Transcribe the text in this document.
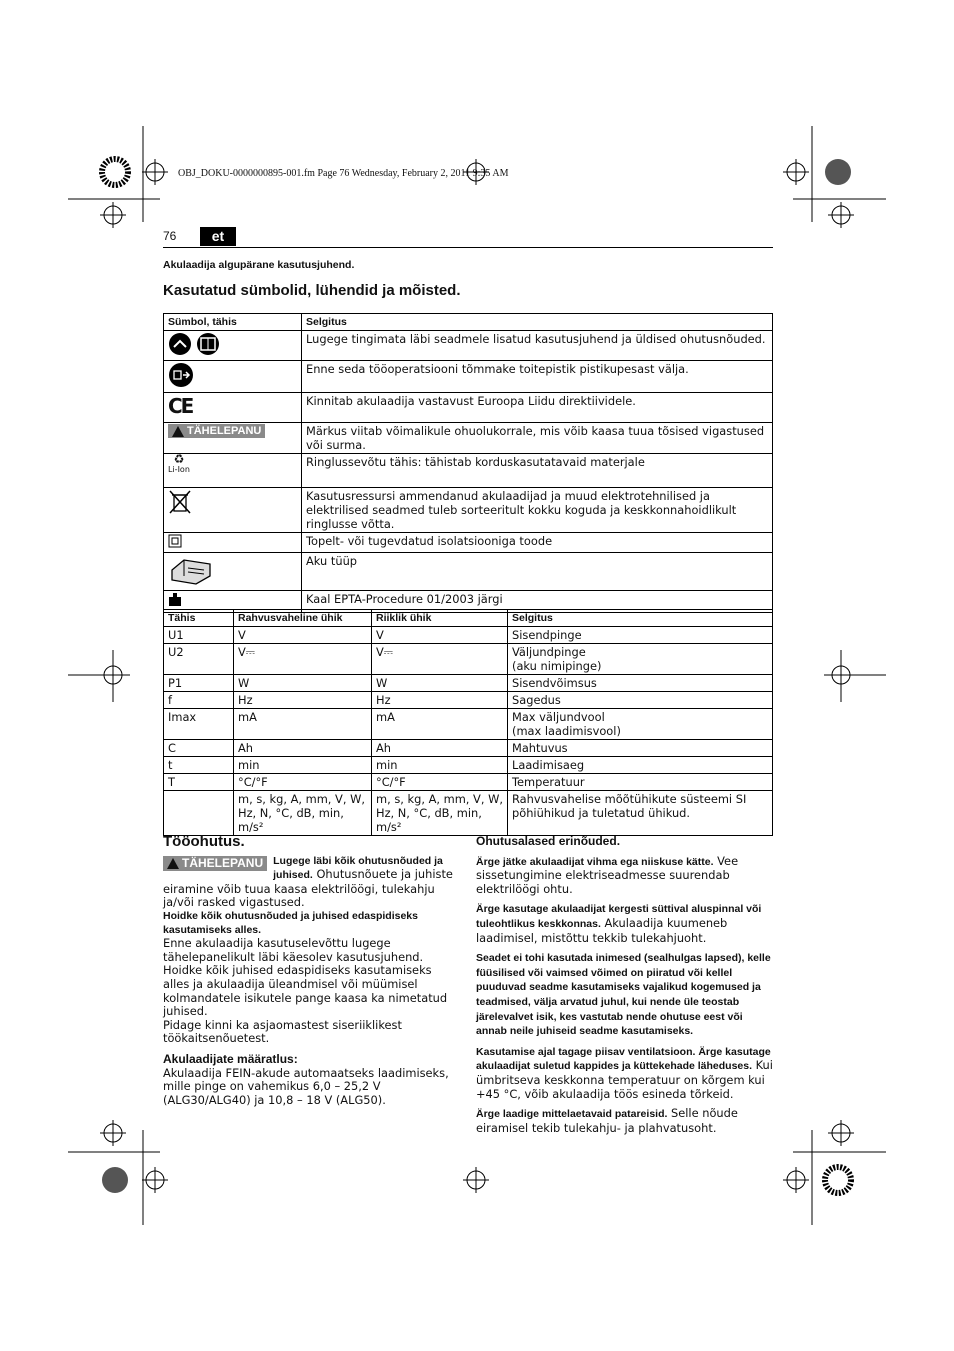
OBJ_DOKU-0000000895-001.fm Page 76 Wednesday, February 2, 2011 9:35 AM
76	et
Akulaadija algupärane kasutusjuhend.
Kasutatud sümbolid, lühendid ja mõisted.
Sümbol, tähis	Selgitus
	Lugege tingimata läbi seadmele lisatud kasutusjuhend ja üldised ohutusnõuded.
	Enne seda tööoperatsiooni tõmmake toitepistik pistikupesast välja.
CE	Kinnitab akulaadija vastavust Euroopa Liidu direktiividele.

TÄHELEPANU	Märkus viitab võimalikule ohuolukorrale, mis võib kaasa tuua tõsised vigastused või surma.
♻
Li-Ion	Ringlussevõtu tähis: tähistab korduskasutatavaid materjale
	Kasutusressursi ammendanud akulaadijad ja muud elektrotehnilised ja elektrilised seadmed tuleb sorteeritult kokku koguda ja keskkonnahoidlikult ringlusse võtta.
	Topelt- või tugevdatud isolatsiooniga toode
	Aku tüüp
	Kaal EPTA-Procedure 01/2003 järgi
Tähis	Rahvusvaheline ühik	Riiklik ühik	Selgitus
U1	V	V	Sisendpinge
U2	V⎓	V⎓	Väljundpinge
(aku nimipinge)
P1	W	W	Sisendvõimsus
f	Hz	Hz	Sagedus
Imax	mA	mA	Max väljundvool
(max laadimisvool)
C	Ah	Ah	Mahtuvus
t	min	min	Laadimisaeg
T	°C/°F	°C/°F	Temperatuur
	m, s, kg, A, mm, V, W, Hz, N, °C, dB, min, m/s²	m, s, kg, A, mm, V, W, Hz, N, °C, dB, min, m/s²	Rahvusvahelise mõõtühikute süsteemi SI põhiühikud ja tuletatud ühikud.
Tööohutus.
TÄHELEPANU Lugege läbi kõik ohutusnõuded ja juhised. Ohutusnõuete ja juhiste eiramine võib tuua kaasa elektrilöögi, tulekahju ja/või rasked vigastused.

Hoidke kõik ohutusnõuded ja juhised edaspidiseks kasutamiseks alles.

Enne akulaadija kasutuselevõttu lugege tähelepanelikult läbi käesolev kasutusjuhend. Hoidke kõik juhised edaspidiseks kasutamiseks alles ja akulaadija üleandmisel või müümisel kolmandatele isikutele pange kaasa ka nimetatud juhised.

Pidage kinni ka asjaomastest siseriiklikest töökaitsenõuetest.

Akulaadijate määratlus:

Akulaadija FEIN-akude automaatseks laadimiseks, mille pinge on vahemikus 6,0 – 25,2 V (ALG30/ALG40) ja 10,8 – 18 V (ALG50).

Ohutusalased erinõuded.

Ärge jätke akulaadijat vihma ega niiskuse kätte. Vee sissetungimine elektriseadmesse suurendab elektrilöögi ohtu.

Ärge kasutage akulaadijat kergesti süttival aluspinnal või tuleohtlikus keskkonnas. Akulaadija kuumeneb laadimisel, mistõttu tekkib tulekahjuoht.

Seadet ei tohi kasutada inimesed (sealhulgas lapsed), kelle füüsilised või vaimsed võimed on piiratud või kellel puuduvad seadme kasutamiseks vajalikud kogemused ja teadmised, välja arvatud juhul, kui nende üle teostab järelevalvet isik, kes vastutab nende ohutuse eest või annab neile juhiseid seadme kasutamiseks.

Kasutamise ajal tagage piisav ventilatsioon. Ärge kasutage akulaadijat suletud kappides ja küttekehade läheduses. Kui ümbritseva keskkonna temperatuur on kõrgem kui +45 °C, võib akulaadija töös esineda tõrkeid.

Ärge laadige mittelaetavaid patareisid. Selle nõude eiramisel tekib tulekahju- ja plahvatusoht.
